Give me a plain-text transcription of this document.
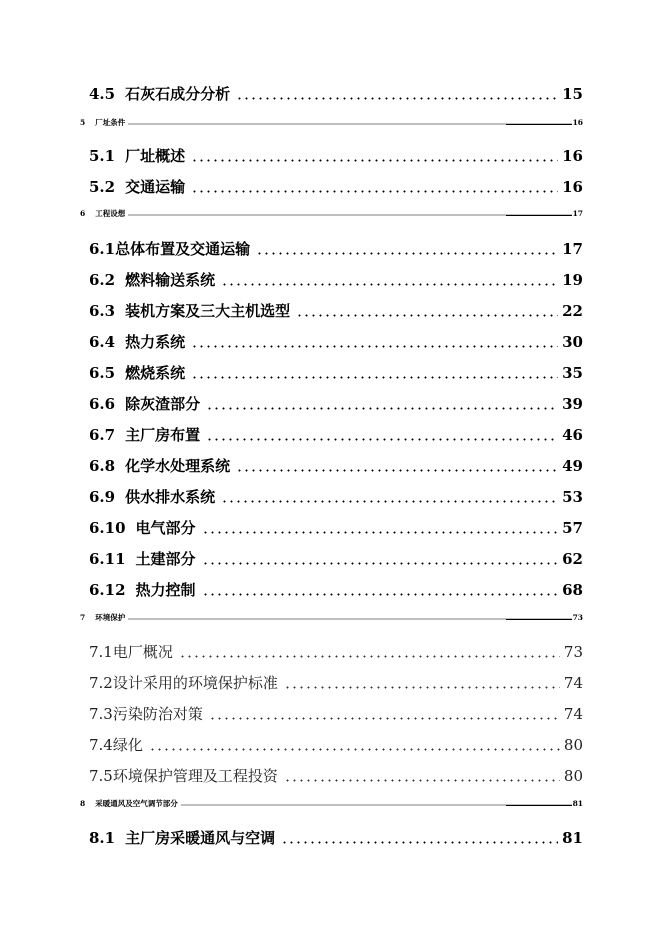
4.5 石灰石成分分析	15
5 厂址条件	16
5.1 厂址概述	16
5.2 交通运输	16
6 工程设想	17
6.1 总体布置及交通运输	17
6.2 燃料输送系统	19
6.3 装机方案及三大主机选型	22
6.4 热力系统	30
6.5 燃烧系统	35
6.6 除灰渣部分	39
6.7 主厂房布置	46
6.8 化学水处理系统	49
6.9 供水排水系统	53
6.10 电气部分	57
6.11 土建部分	62
6.12 热力控制	68
7 环境保护	73
7.1 电厂概况	73
7.2 设计采用的环境保护标准	74
7.3 污染防治对策	74
7.4 绿化	80
7.5 环境保护管理及工程投资	80
8 采暖通风及空气调节部分	81
8.1 主厂房采暖通风与空调	81
